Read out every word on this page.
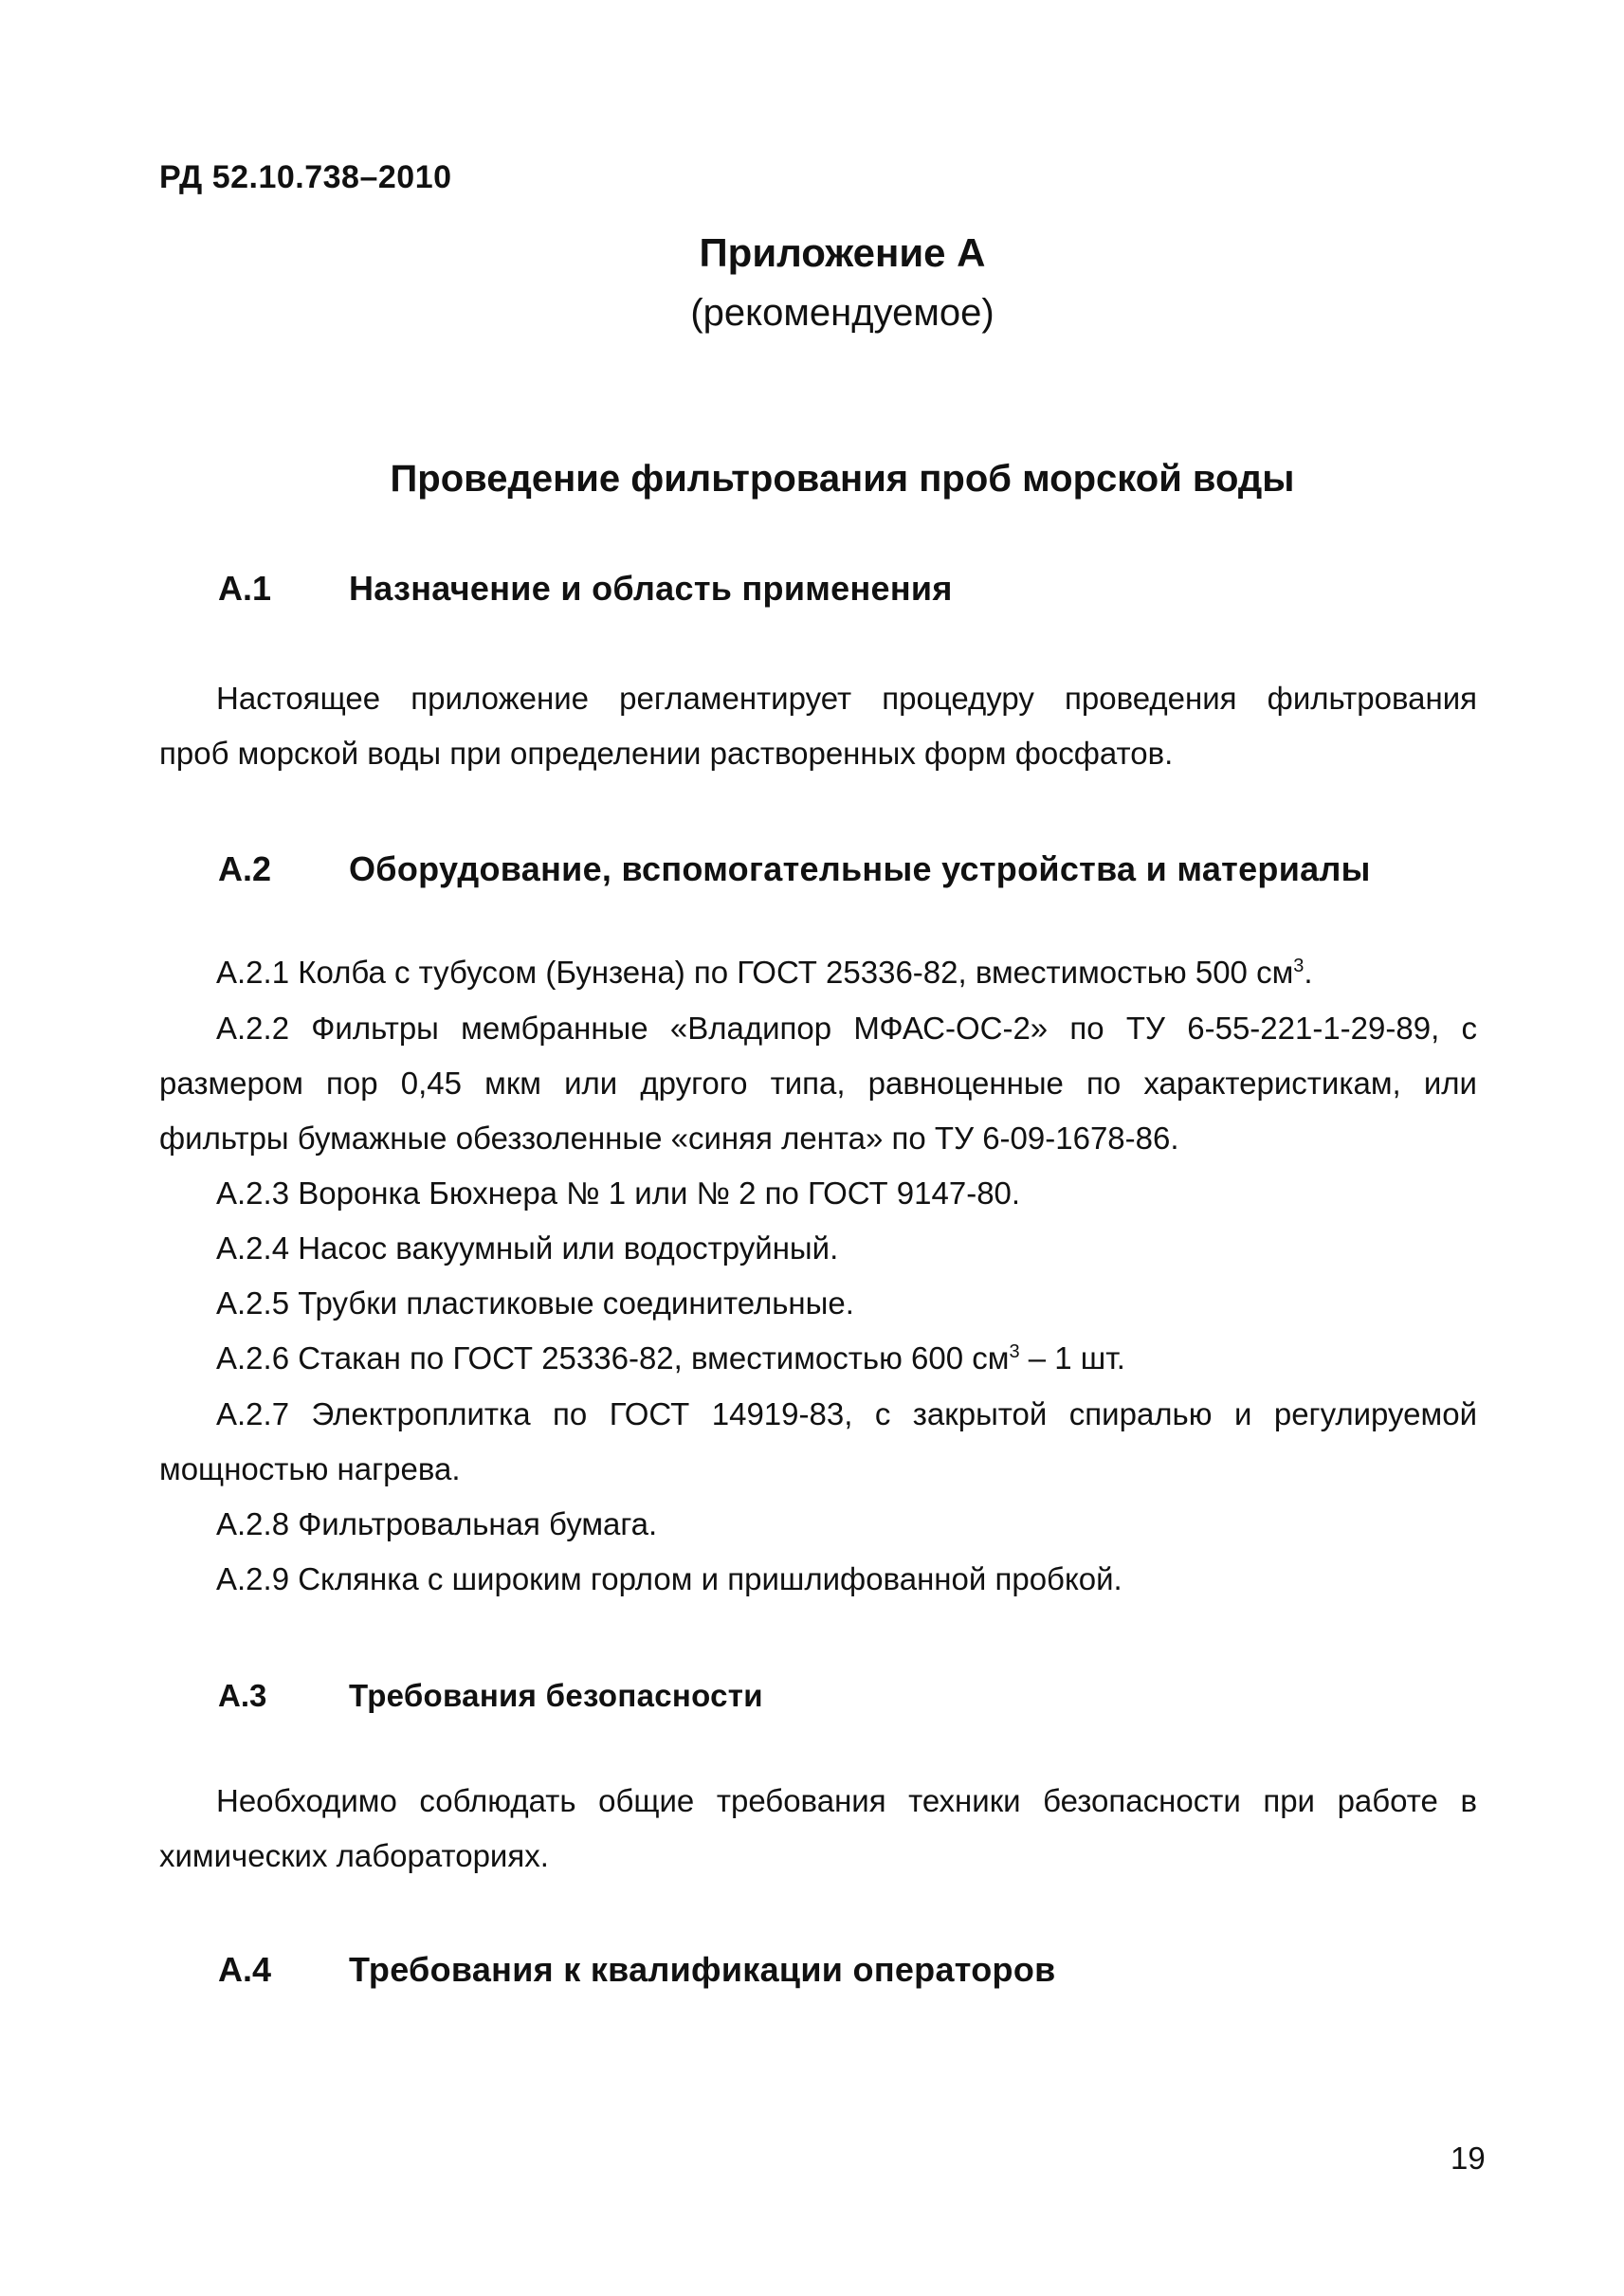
РД 52.10.738–2010
Приложение А
(рекомендуемое)
Проведение фильтрования проб морской воды
А.1 Назначение и область применения
Настоящее приложение регламентирует процедуру проведения фильтрования
проб морской воды при определении растворенных форм фосфатов.
А.2 Оборудование, вспомогательные устройства и материалы
А.2.1 Колба с тубусом (Бунзена) по ГОСТ 25336-82, вместимостью 500 $см^3$.
А.2.2 Фильтры мембранные «Владипор МФАС-ОС-2» по ТУ 6-55-221-1-29-89, с
размером пор 0,45 мкм или другого типа, равноценные по характеристикам, или
фильтры бумажные обеззоленные «синяя лента» по ТУ 6-09-1678-86.
А.2.3 Воронка Бюхнера № 1 или № 2 по ГОСТ 9147-80.
А.2.4 Насос вакуумный или водоструйный.
А.2.5 Трубки пластиковые соединительные.
А.2.6 Стакан по ГОСТ 25336-82, вместимостью 600 $см^3 - 1$ шт.
А.2.7 Электроплитка по ГОСТ 14919-83, с закрытой спиралью и регулируемой
мощностью нагрева.
А.2.8 Фильтровальная бумага.
А.2.9 Склянка с широким горлом и пришлифованной пробкой.
А.3	Требования безопасности
Необходимо соблюдать общие требования техники безопасности при работе в
химических лабораториях.
А.4 Требования к квалификации операторов
19
